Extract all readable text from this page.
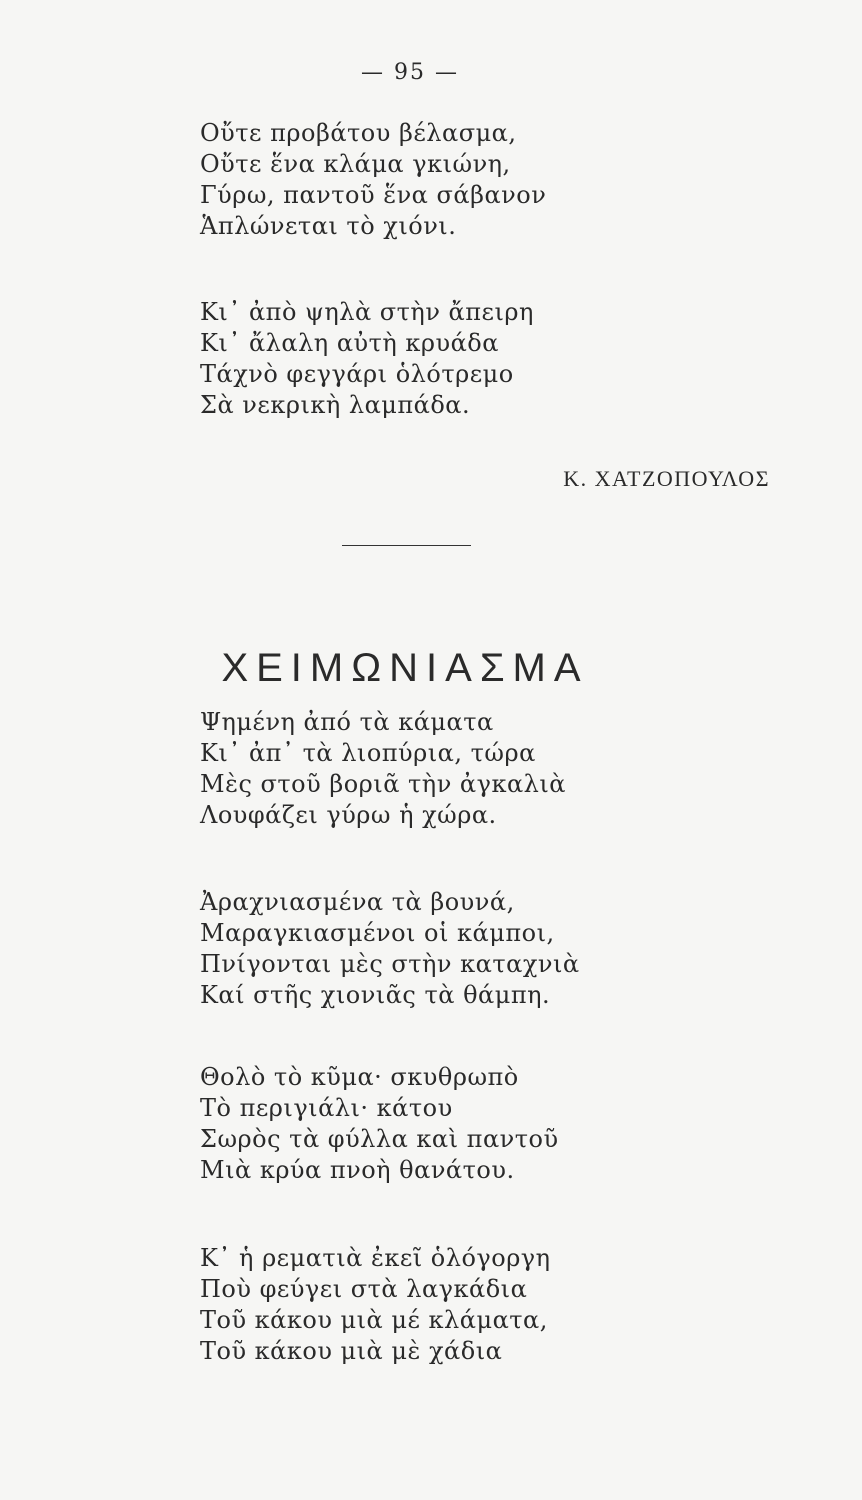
— 95 —
Οὔτε προβάτου βέλασμα,
Οὔτε ἕνα κλάμα γκιώνη,
Γύρω, παντοῦ ἕνα σάβανον
Ἁπλώνεται τὸ χιόνι.
Κι᾽ ἀπὸ ψηλὰ στὴν ἄπειρη
Κι᾽ ἄλαλη αὐτὴ κρυάδα
Τάχνὸ φεγγάρι ὁλότρεμο
Σὰ νεκρικὴ λαμπάδα.
Κ. ΧΑΤΖΟΠΟΥΛΟΣ
ΧΕΙΜΩΝΙΑΣΜΑ
Ψημένη ἀπό τὰ κάματα
Κι᾽ ἀπ᾽ τὰ λιοπύρια, τώρα
Μὲς στοῦ βοριᾶ τὴν ἀγκαλιὰ
Λουφάζει γύρω ἡ χώρα.
Ἀραχνιασμένα τὰ βουνά,
Μαραγκιασμένοι οἱ κάμποι,
Πνίγονται μὲς στὴν καταχνιὰ
Καί στῆς χιονιᾶς τὰ θάμπη.
Θολὸ τὸ κῦμα· σκυθρωπὸ
Τὸ περιγιάλι· κάτου
Σωρὸς τὰ φύλλα καὶ παντοῦ
Μιὰ κρύα πνοὴ θανάτου.
Κ᾽ ἡ ρεματιὰ ἐκεῖ ὁλόγοργη
Ποὺ φεύγει στὰ λαγκάδια
Τοῦ κάκου μιὰ μέ κλάματα,
Τοῦ κάκου μιὰ μὲ χάδια
